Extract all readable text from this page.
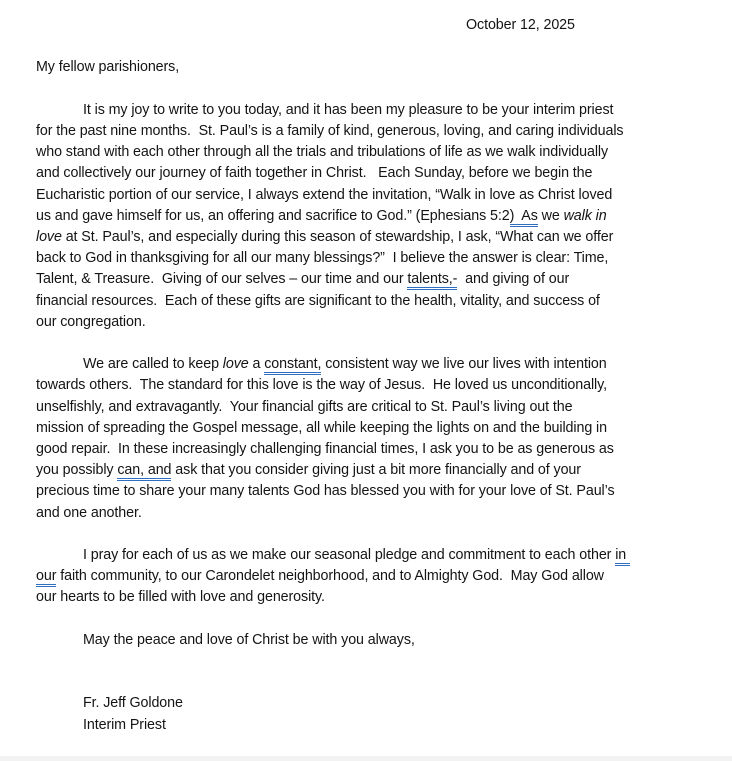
October 12, 2025
My fellow parishioners,
It is my joy to write to you today, and it has been my pleasure to be your interim priest
for the past nine months.  St. Paul’s is a family of kind, generous, loving, and caring individuals
who stand with each other through all the trials and tribulations of life as we walk individually
and collectively our journey of faith together in Christ.   Each Sunday, before we begin the
Eucharistic portion of our service, I always extend the invitation, “Walk in love as Christ loved
us and gave himself for us, an offering and sacrifice to God.” (Ephesians 5:2)  As we walk in
love at St. Paul’s, and especially during this season of stewardship, I ask, “What can we offer
back to God in thanksgiving for all our many blessings?”  I believe the answer is clear: Time,
Talent, & Treasure.  Giving of our selves – our time and our talents,-  and giving of our
financial resources.  Each of these gifts are significant to the health, vitality, and success of
our congregation.
We are called to keep love a constant, consistent way we live our lives with intention
towards others.  The standard for this love is the way of Jesus.  He loved us unconditionally,
unselfishly, and extravagantly.  Your financial gifts are critical to St. Paul’s living out the
mission of spreading the Gospel message, all while keeping the lights on and the building in
good repair.  In these increasingly challenging financial times, I ask you to be as generous as
you possibly can, and ask that you consider giving just a bit more financially and of your
precious time to share your many talents God has blessed you with for your love of St. Paul’s
and one another.
I pray for each of us as we make our seasonal pledge and commitment to each other in
our faith community, to our Carondelet neighborhood, and to Almighty God.  May God allow
our hearts to be filled with love and generosity.
May the peace and love of Christ be with you always,
Fr. Jeff Goldone
Interim Priest
